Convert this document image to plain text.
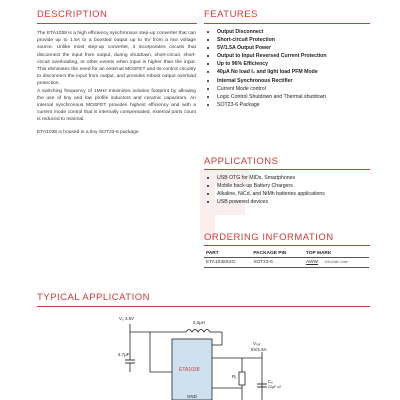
DESCRIPTION

The ETA1038 is a high efficiency synchronous step-up converter that can provide up to 1.5A to a boosted output up to 5V from a low voltage source. Unlike most step-up converter, it incorporates circuits that disconnect the input from output, during shutdown, short-circuit, short-circuit overloading, or other events when input is higher than the input. This eliminates the need for an external MOSFET and its control circuitry to disconnect the input from output, and provides robust output overload protection.

A switching frequency of 1MHz minimizes solution footprint by allowing the use of tiny and low profile inductors and ceramic capacitors. An internal synchronous MOSFET provides highest efficiency and with a current mode control that is internally compensated, external parts count is reduced to minimal.

ETA1038 is housed in a tiny SOT23-6 package.

FEATURES
Output Disconnect
Short-circuit Protection
5V/1.5A Output Power
Output to Input Reversed Current Protection
Up to 96% Efficiency
40μA No load I₀ and light load PFM Mode
Internal Synchronous Rectifier
Current Mode control
Logic Control Shutdown and Thermal shutdown
SOT23-6 Package
APPLICATIONS
USB OTG for MIDs, Smartphones
Mobile back-up Battery Chargers
Alkaline, NiCd, and NiMh batteries applications
USB powered devices
ORDERING INFORMATION
PART	PACKAGE PIN	TOP MARK
ETA1038S2G	SOT23-6	AWW 1W=Date Code
TYPICAL APPLICATION
V₀ 3.6V
2.2μH
4.7μF
ETA1038
GND
V₀ᵤₜ
5V/1.5A
R₁
Cₒ
22μF x2
